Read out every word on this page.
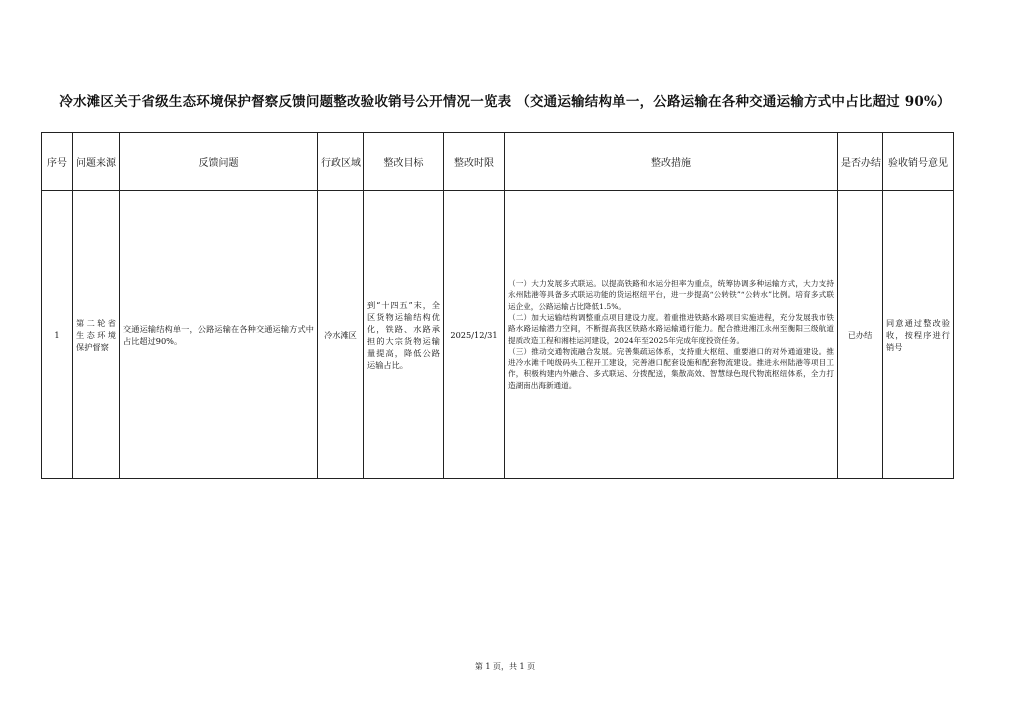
冷水滩区关于省级生态环境保护督察反馈问题整改验收销号公开情况一览表 （交通运输结构单一，公路运输在各种交通运输方式中占比超过 90%）
序号	问题来源	反馈问题	行政区域	整改目标	整改时限	整改措施	是否办结	验收销号意见
1	第二轮省生态环境保护督察	交通运输结构单一，公路运输在各种交通运输方式中占比超过90%。	冷水滩区	到“十四五”末，全区货物运输结构优化，铁路、水路承担的大宗货物运输量提高，降低公路运输占比。	2025/12/31	（一）大力发展多式联运。以提高铁路和水运分担率为重点，统筹协调多种运输方式，大力支持永州陆港等具备多式联运功能的货运枢纽平台，进一步提高“公转铁”“公转水”比例。培育多式联运企业，公路运输占比降低1.5%。

（二）加大运输结构调整重点项目建设力度。着重推进铁路水路项目实施进程，充分发展我市铁路水路运输潜力空间，不断提高我区铁路水路运输通行能力。配合推进湘江永州至衡阳三级航道提质改造工程和湘桂运河建设，2024年至2025年完成年度投资任务。

（三）推动交通物流融合发展。完善集疏运体系，支持重大枢纽、重要港口的对外通道建设。推进冷水滩千吨级码头工程开工建设，完善港口配套设施和配套物流建设。推进永州陆港等项目工作，积极构建内外融合、多式联运、分拨配送，集散高效、智慧绿色现代物流枢纽体系，全力打造湖南出海新通道。	已办结	同意通过整改验收，按程序进行销号
第 1 页，共 1 页
